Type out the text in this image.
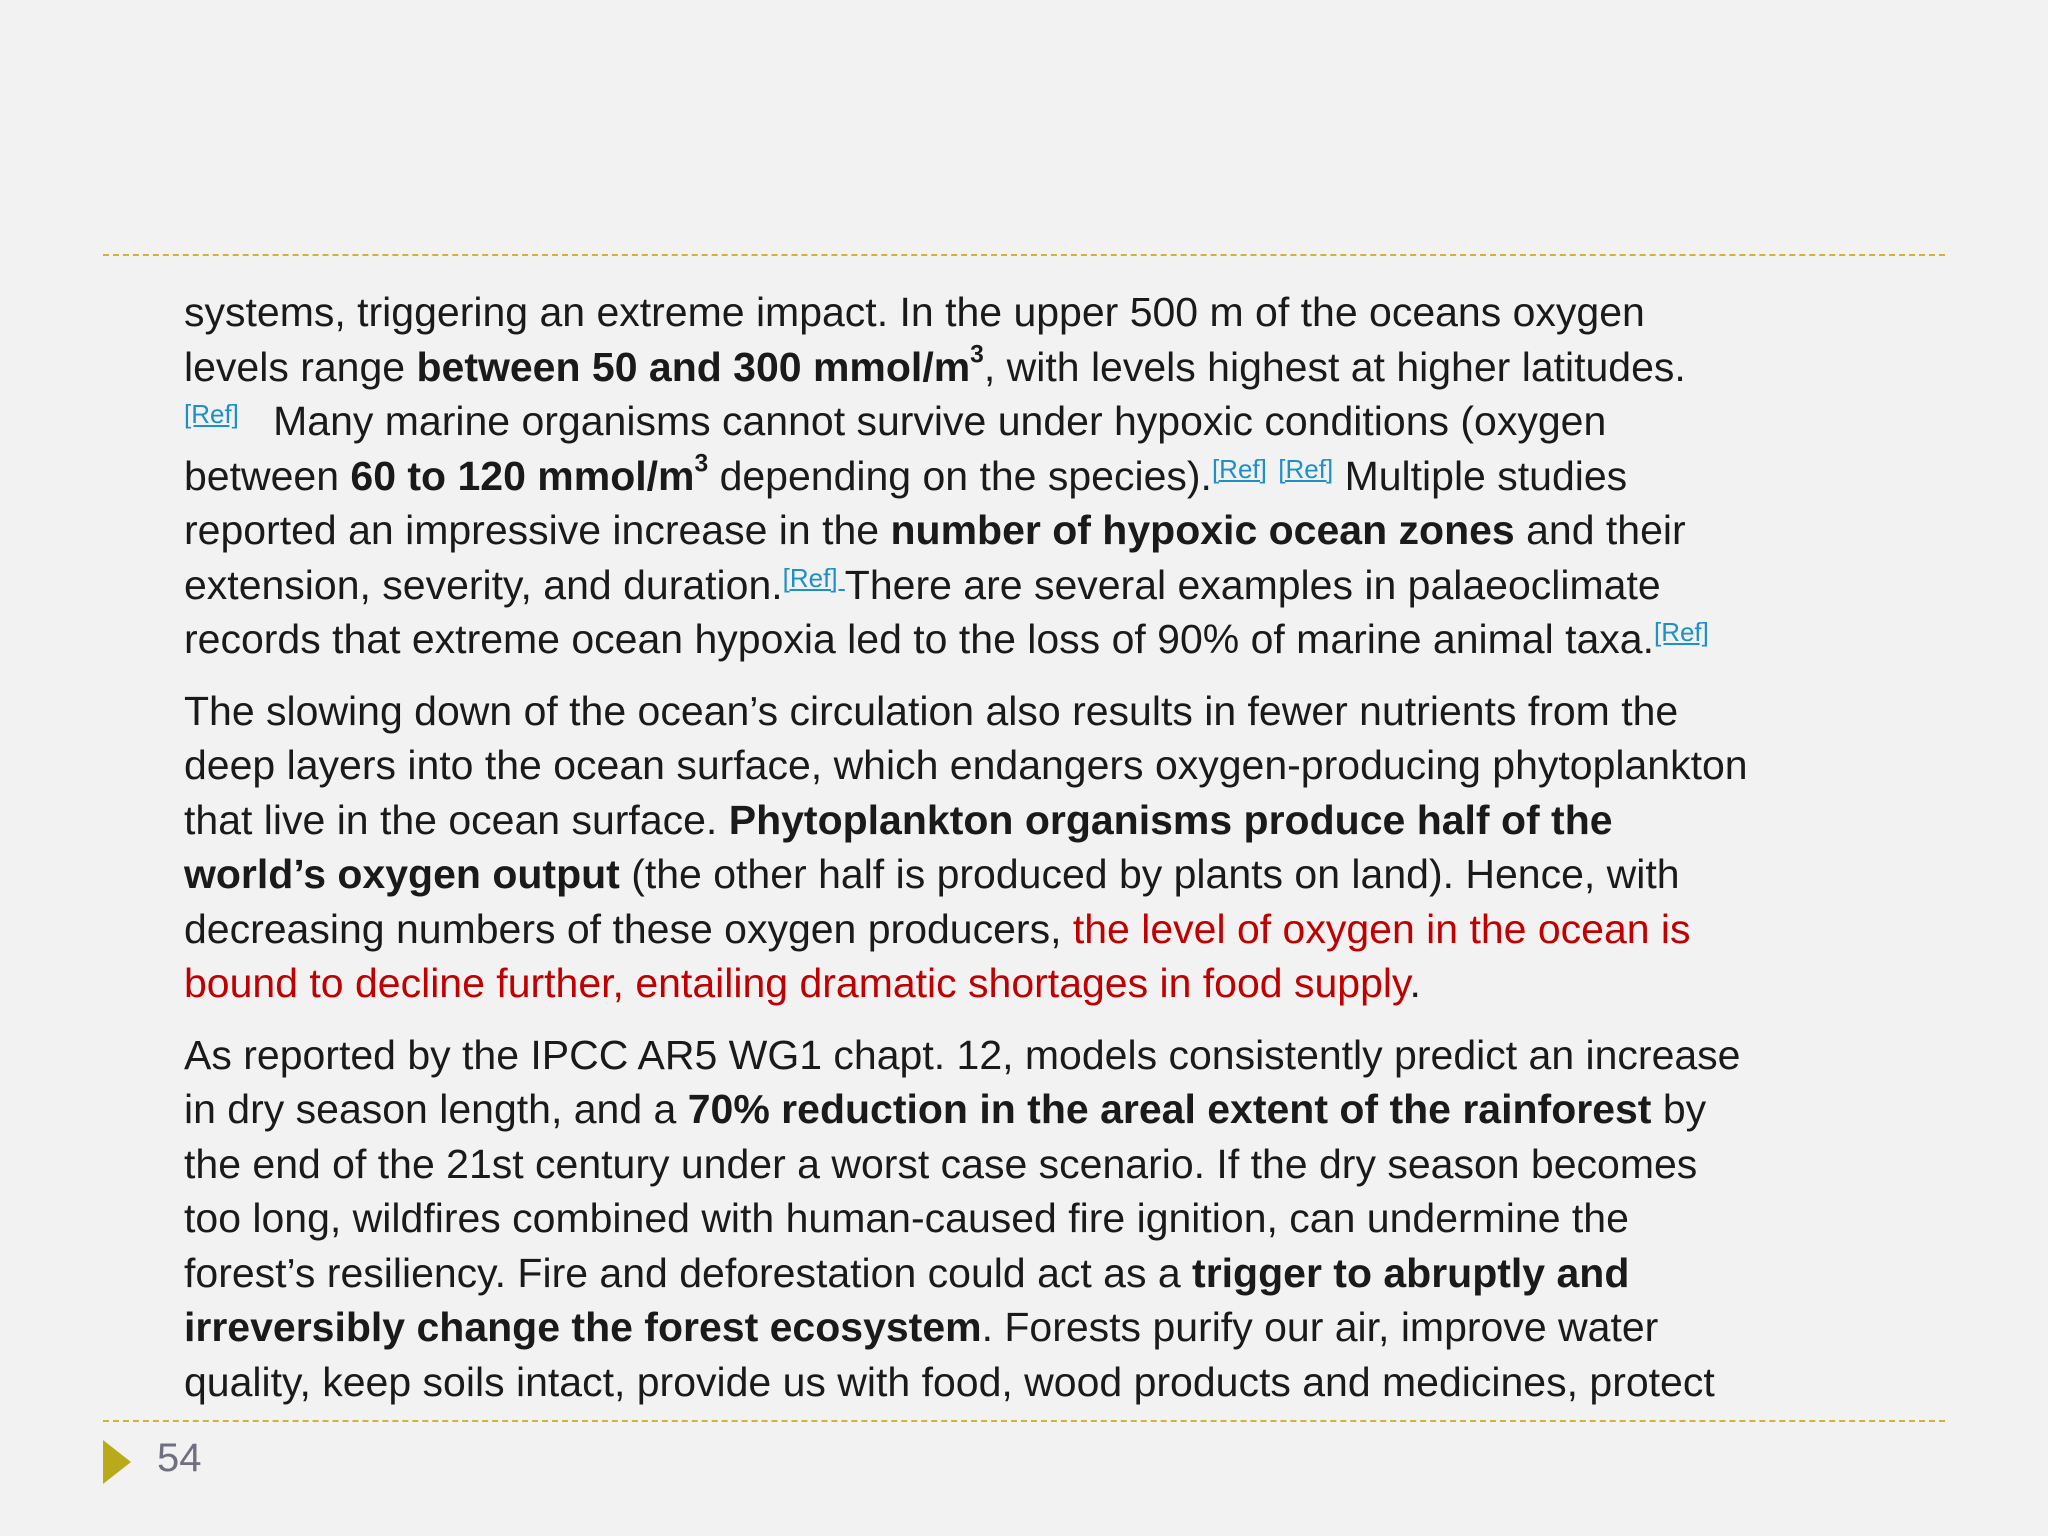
systems, triggering an extreme impact. In the upper 500 m of the oceans oxygen
levels range between 50 and 300 mmol/$m^3$, with levels highest at higher latitudes.
[Ref] Many marine organisms cannot survive under hypoxic conditions (oxygen
between 60 to 120 mmol/$m^3$ depending on the species).[Ref] [Ref] Multiple studies
reported an impressive increase in the number of hypoxic ocean zones and their
extension, severity, and duration.[Ref] There are several examples in palaeoclimate
records that extreme ocean hypoxia led to the loss of 90% of marine animal taxa.[Ref]

The slowing down of the ocean’s circulation also results in fewer nutrients from the
deep layers into the ocean surface, which endangers oxygen-producing phytoplankton
that live in the ocean surface. Phytoplankton organisms produce half of the
world’s oxygen output (the other half is produced by plants on land). Hence, with
decreasing numbers of these oxygen producers, the level of oxygen in the ocean is
bound to decline further, entailing dramatic shortages in food supply.

As reported by the IPCC AR5 WG1 chapt. 12, models consistently predict an increase
in dry season length, and a 70% reduction in the areal extent of the rainforest by
the end of the 21st century under a worst case scenario. If the dry season becomes
too long, wildfires combined with human-caused fire ignition, can undermine the
forest’s resiliency. Fire and deforestation could act as a trigger to abruptly and
irreversibly change the forest ecosystem. Forests purify our air, improve water
quality, keep soils intact, provide us with food, wood products and medicines, protect

54
